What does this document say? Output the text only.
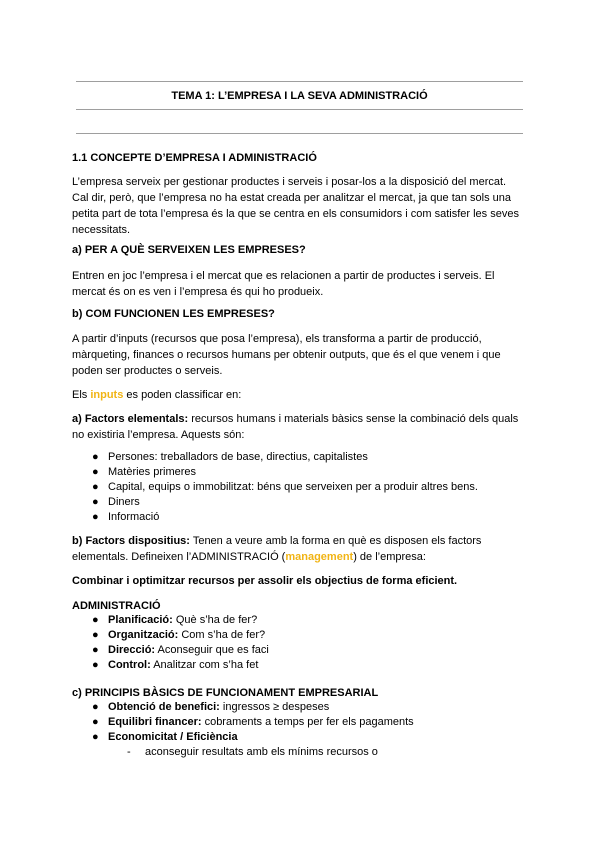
TEMA 1: L’EMPRESA I LA SEVA ADMINISTRACIÓ
1.1 CONCEPTE D’EMPRESA I ADMINISTRACIÓ
L’empresa serveix per gestionar productes i serveis i posar-los a la disposició del mercat.
Cal dir, però, que l’empresa no ha estat creada per analitzar el mercat, ja que tan sols una
petita part de tota l’empresa és la que se centra en els consumidors i com satisfer les seves
necessitats.
a) PER A QUÈ SERVEIXEN LES EMPRESES?
Entren en joc l’empresa i el mercat que es relacionen a partir de productes i serveis. El
mercat és on es ven i l’empresa és qui ho produeix.
b) COM FUNCIONEN LES EMPRESES?
A partir d’inputs (recursos que posa l’empresa), els transforma a partir de producció,
màrqueting, finances o recursos humans per obtenir outputs, que és el que venem i que
poden ser productes o serveis.
Els inputs es poden classificar en:
a) Factors elementals: recursos humans i materials bàsics sense la combinació dels quals
no existiria l’empresa. Aquests són:
● Persones: treballadors de base, directius, capitalistes
● Matèries primeres
● Capital, equips o immobilitzat: béns que serveixen per a produir altres bens.
● Diners
● Informació
b) Factors dispositius: Tenen a veure amb la forma en què es disposen els factors
elementals. Defineixen l’ADMINISTRACIÓ (management) de l’empresa:
Combinar i optimitzar recursos per assolir els objectius de forma eficient.
ADMINISTRACIÓ
● Planificació: Què s’ha de fer?
● Organització: Com s’ha de fer?
● Direcció: Aconseguir que es faci
● Control: Analitzar com s’ha fet
c) PRINCIPIS BÀSICS DE FUNCIONAMENT EMPRESARIAL
● Obtenció de benefici: ingressos ≥ despeses
● Equilibri financer: cobraments a temps per fer els pagaments
● Economicitat / Eficiència
- aconseguir resultats amb els mínims recursos o
